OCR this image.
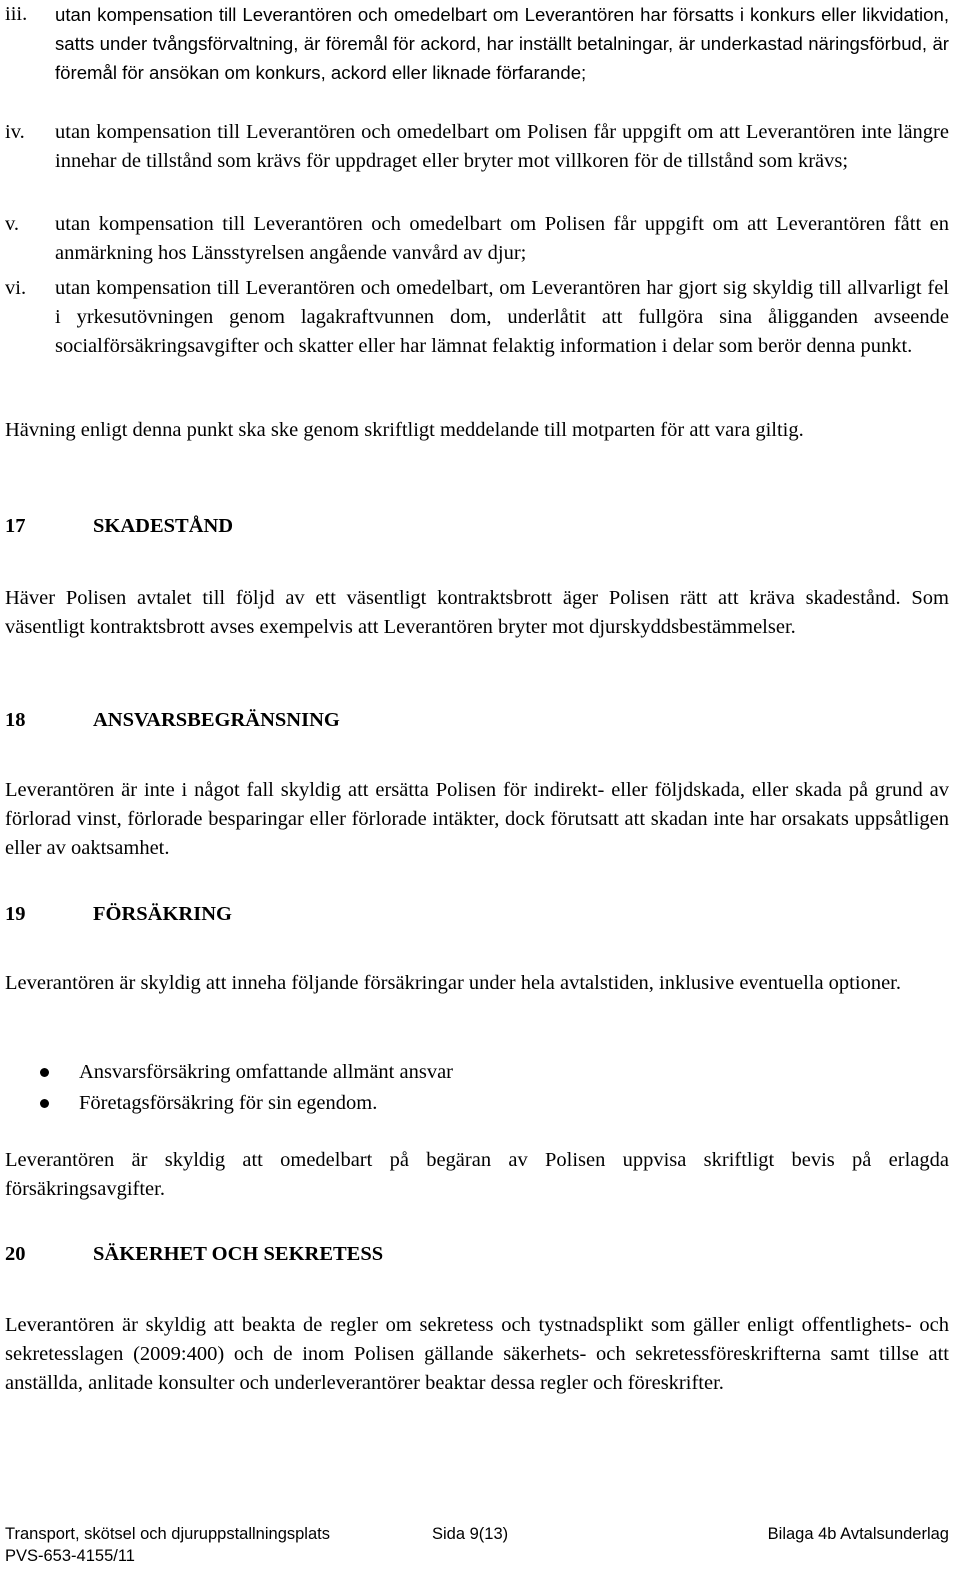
iii. utan kompensation till Leverantören och omedelbart om Leverantören har försatts i konkurs eller likvidation, satts under tvångsförvaltning, är föremål för ackord, har inställt betalningar, är underkastad näringsförbud, är föremål för ansökan om konkurs, ackord eller liknade förfarande;
iv. utan kompensation till Leverantören och omedelbart om Polisen får uppgift om att Leverantören inte längre innehar de tillstånd som krävs för uppdraget eller bryter mot villkoren för de tillstånd som krävs;
v. utan kompensation till Leverantören och omedelbart om Polisen får uppgift om att Leverantören fått en anmärkning hos Länsstyrelsen angående vanvård av djur;
vi. utan kompensation till Leverantören och omedelbart, om Leverantören har gjort sig skyldig till allvarligt fel i yrkesutövningen genom lagakraftvunnen dom, underlåtit att fullgöra sina åligganden avseende socialförsäkringsavgifter och skatter eller har lämnat felaktig information i delar som berör denna punkt.
Hävning enligt denna punkt ska ske genom skriftligt meddelande till motparten för att vara giltig.
17	SKADESTÅND
Häver Polisen avtalet till följd av ett väsentligt kontraktsbrott äger Polisen rätt att kräva skadestånd. Som väsentligt kontraktsbrott avses exempelvis att Leverantören bryter mot djurskyddsbestämmelser.
18	ANSVARSBEGRÄNSNING
Leverantören är inte i något fall skyldig att ersätta Polisen för indirekt- eller följdskada, eller skada på grund av förlorad vinst, förlorade besparingar eller förlorade intäkter, dock förutsatt att skadan inte har orsakats uppsåtligen eller av oaktsamhet.
19	FÖRSÄKRING
Leverantören är skyldig att inneha följande försäkringar under hela avtalstiden, inklusive eventuella optioner.
Ansvarsförsäkring omfattande allmänt ansvar
Företagsförsäkring för sin egendom.
Leverantören är skyldig att omedelbart på begäran av Polisen uppvisa skriftligt bevis på erlagda försäkringsavgifter.
20	SÄKERHET OCH SEKRETESS
Leverantören är skyldig att beakta de regler om sekretess och tystnadsplikt som gäller enligt offentlighets- och sekretesslagen (2009:400) och de inom Polisen gällande säkerhets- och sekretessföreskrifterna samt tillse att anställda, anlitade konsulter och underleverantörer beaktar dessa regler och föreskrifter.
Transport, skötsel och djuruppstallningsplats	Sida 9(13)	Bilaga 4b Avtalsunderlag
PVS-653-4155/11
